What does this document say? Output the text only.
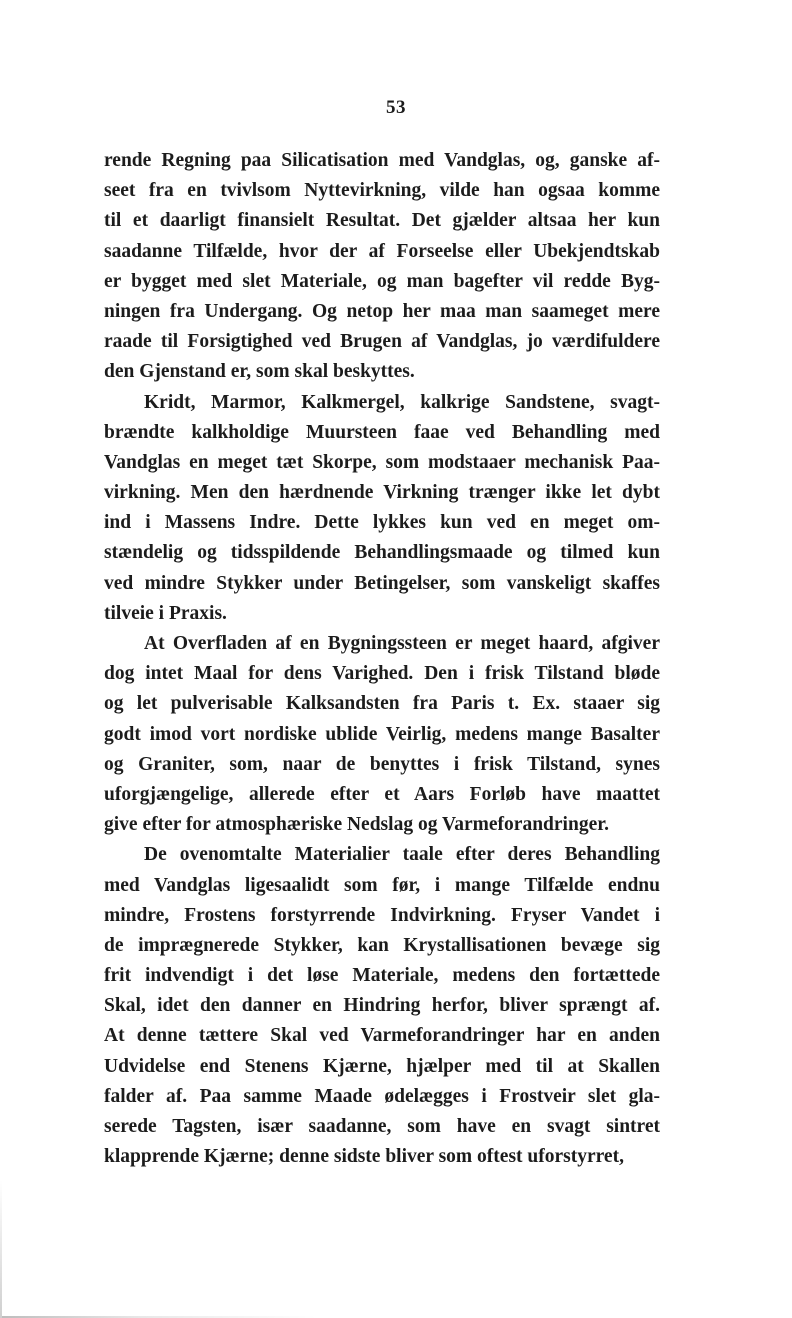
53
rende Regning paa Silicatisation med Vandglas, og, ganske af-
seet fra en tvivlsom Nyttevirkning, vilde han ogsaa komme
til et daarligt finansielt Resultat. Det gjælder altsaa her kun
saadanne Tilfælde, hvor der af Forseelse eller Ubekjendtskab
er bygget med slet Materiale, og man bagefter vil redde Byg-
ningen fra Undergang. Og netop her maa man saameget mere
raade til Forsigtighed ved Brugen af Vandglas, jo værdifuldere
den Gjenstand er, som skal beskyttes.
Kridt, Marmor, Kalkmergel, kalkrige Sandstene, svagt-
brændte kalkholdige Muursteen faae ved Behandling med
Vandglas en meget tæt Skorpe, som modstaaer mechanisk Paa-
virkning. Men den hærdnende Virkning trænger ikke let dybt
ind i Massens Indre. Dette lykkes kun ved en meget om-
stændelig og tidsspildende Behandlingsmaade og tilmed kun
ved mindre Stykker under Betingelser, som vanskeligt skaffes
tilveie i Praxis.
At Overfladen af en Bygningssteen er meget haard, afgiver
dog intet Maal for dens Varighed. Den i frisk Tilstand bløde
og let pulverisable Kalksandsten fra Paris t. Ex. staaer sig
godt imod vort nordiske ublide Veirlig, medens mange Basalter
og Graniter, som, naar de benyttes i frisk Tilstand, synes
uforgjængelige, allerede efter et Aars Forløb have maattet
give efter for atmosphæriske Nedslag og Varmeforandringer.
De ovenomtalte Materialier taale efter deres Behandling
med Vandglas ligesaalidt som før, i mange Tilfælde endnu
mindre, Frostens forstyrrende Indvirkning. Fryser Vandet i
de imprægnerede Stykker, kan Krystallisationen bevæge sig
frit indvendigt i det løse Materiale, medens den fortættede
Skal, idet den danner en Hindring herfor, bliver sprængt af.
At denne tættere Skal ved Varmeforandringer har en anden
Udvidelse end Stenens Kjærne, hjælper med til at Skallen
falder af. Paa samme Maade ødelægges i Frostveir slet gla-
serede Tagsten, især saadanne, som have en svagt sintret
klapprende Kjærne; denne sidste bliver som oftest uforstyrret,
